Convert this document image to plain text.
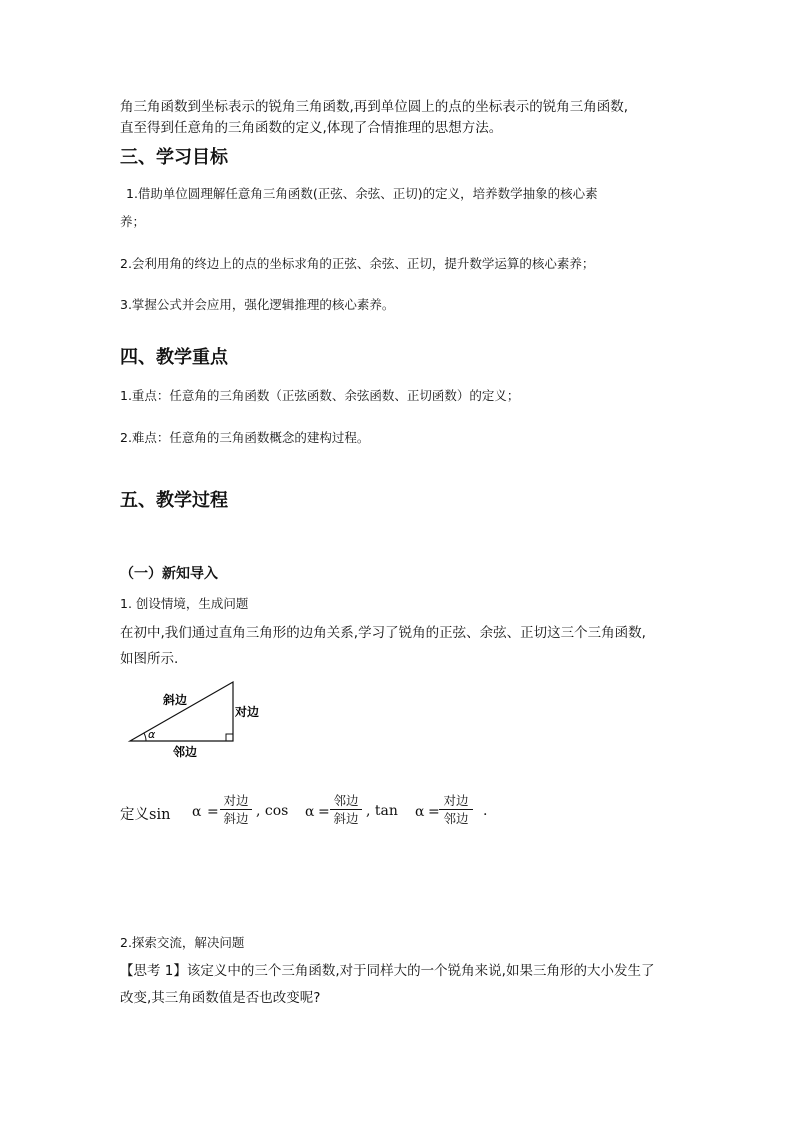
角三角函数到坐标表示的锐角三角函数,再到单位圆上的点的坐标表示的锐角三角函数,
直至得到任意角的三角函数的定义,体现了合情推理的思想方法。
三、学习目标
1.借助单位圆理解任意角三角函数(正弦、余弦、正切)的定义，培养数学抽象的核心素
养；
2.会利用角的终边上的点的坐标求角的正弦、余弦、正切，提升数学运算的核心素养；
3.掌握公式并会应用，强化逻辑推理的核心素养。
四、教学重点
1.重点：任意角的三角函数（正弦函数、余弦函数、正切函数）的定义；
2.难点：任意角的三角函数概念的建构过程。
五、教学过程
（一）新知导入
1. 创设情境，生成问题
在初中,我们通过直角三角形的边角关系,学习了锐角的正弦、余弦、正切这三个三角函数,
如图所示.
斜边
对边
邻边
α
定义sin α =
对边
斜边 , cos α =
邻边
斜边 , tan α =
对边
邻边	.
2.探索交流，解决问题
【思考 1】该定义中的三个三角函数,对于同样大的一个锐角来说,如果三角形的大小发生了
改变,其三角函数值是否也改变呢?
